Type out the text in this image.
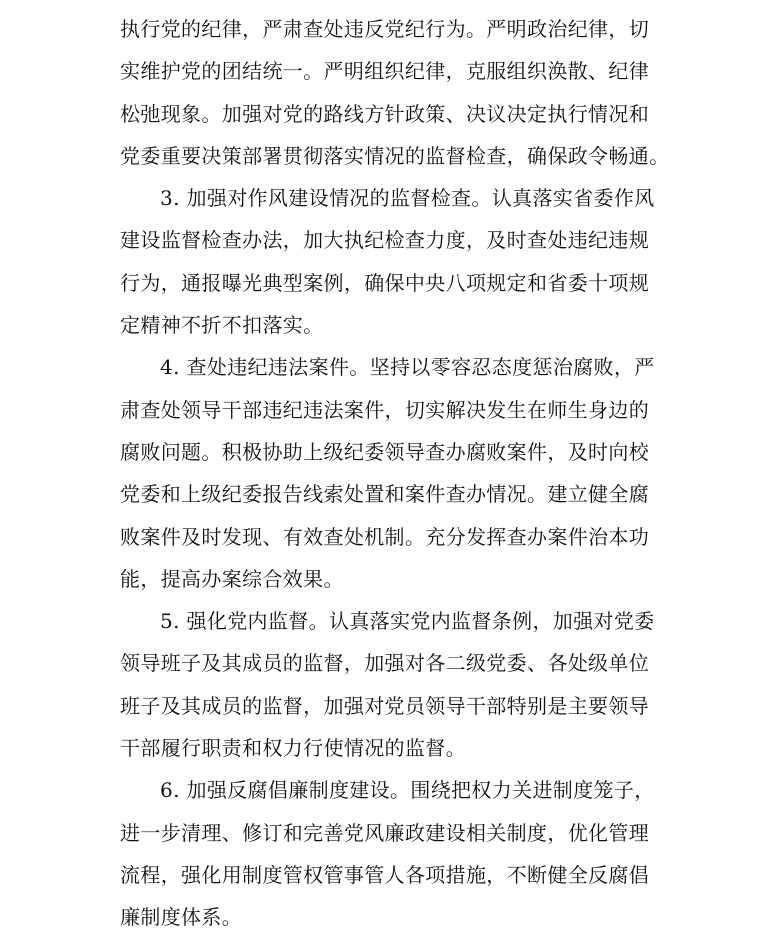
执行党的纪律，严肃查处违反党纪行为。严明政治纪律，切
实维护党的团结统一。严明组织纪律，克服组织涣散、纪律
松弛现象。加强对党的路线方针政策、决议决定执行情况和
党委重要决策部署贯彻落实情况的监督检查，确保政令畅通。
3. 加强对作风建设情况的监督检查。认真落实省委作风
建设监督检查办法，加大执纪检查力度，及时查处违纪违规
行为，通报曝光典型案例，确保中央八项规定和省委十项规
定精神不折不扣落实。
4. 查处违纪违法案件。坚持以零容忍态度惩治腐败，严
肃查处领导干部违纪违法案件，切实解决发生在师生身边的
腐败问题。积极协助上级纪委领导查办腐败案件，及时向校
党委和上级纪委报告线索处置和案件查办情况。建立健全腐
败案件及时发现、有效查处机制。充分发挥查办案件治本功
能，提高办案综合效果。
5. 强化党内监督。认真落实党内监督条例，加强对党委
领导班子及其成员的监督，加强对各二级党委、各处级单位
班子及其成员的监督，加强对党员领导干部特别是主要领导
干部履行职责和权力行使情况的监督。
6. 加强反腐倡廉制度建设。围绕把权力关进制度笼子，
进一步清理、修订和完善党风廉政建设相关制度，优化管理
流程，强化用制度管权管事管人各项措施，不断健全反腐倡
廉制度体系。
